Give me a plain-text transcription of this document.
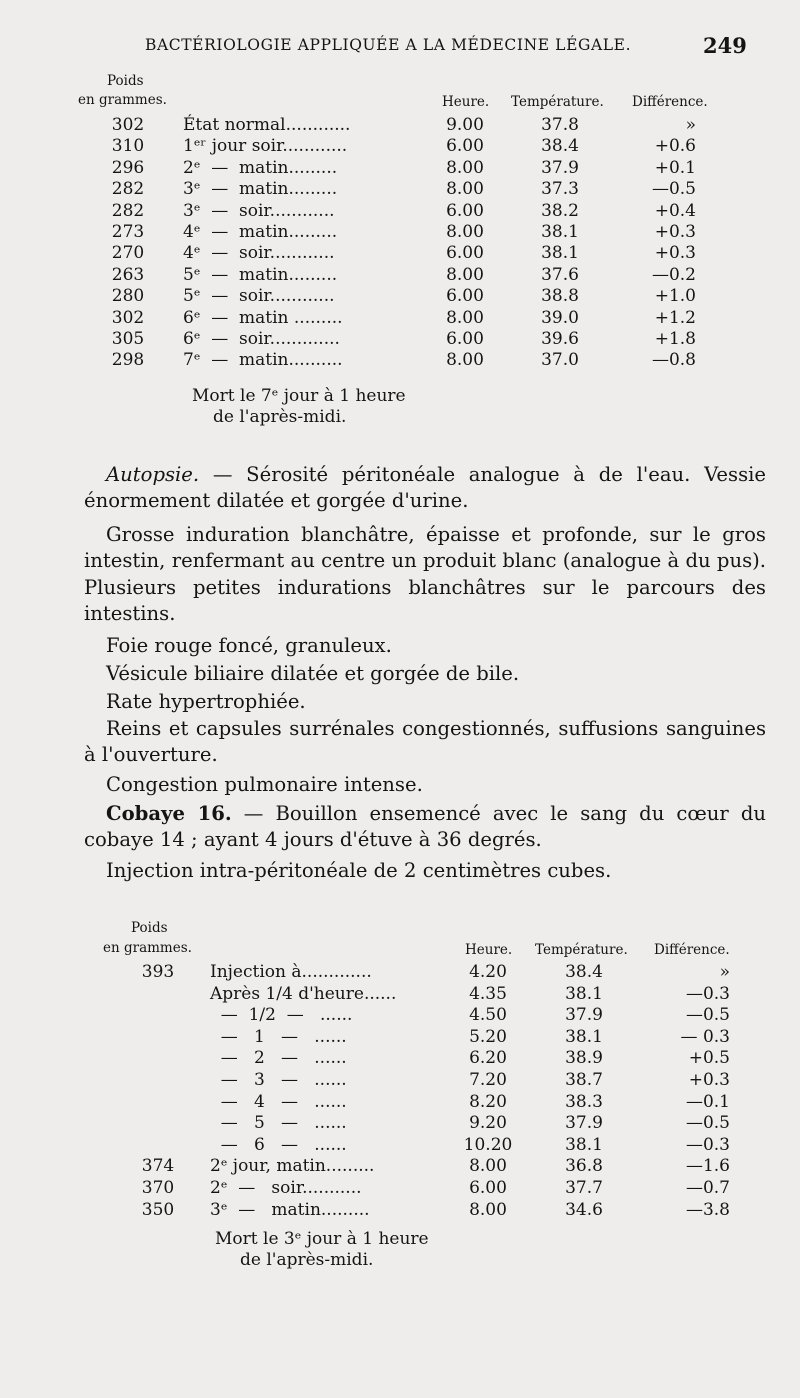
BACTÉRIOLOGIE APPLIQUÉE A LA MÉDECINE LÉGALE.	249
Poids
en grammes.	Heure. Température. Différence.
302	État normal............	9.00	37.8	»
310	1ᵉʳ jour soir............	6.00	38.4	+0.6
296	2ᵉ  —  matin.........	8.00	37.9	+0.1
282	3ᵉ  —  matin.........	8.00	37.3	—0.5
282	3ᵉ  —  soir............	6.00	38.2	+0.4
273	4ᵉ  —  matin.........	8.00	38.1	+0.3
270	4ᵉ  —  soir............	6.00	38.1	+0.3
263	5ᵉ  —  matin.........	8.00	37.6	—0.2
280	5ᵉ  —  soir............	6.00	38.8	+1.0
302	6ᵉ  —  matin .........	8.00	39.0	+1.2
305	6ᵉ  —  soir.............	6.00	39.6	+1.8
298	7ᵉ  —  matin..........	8.00	37.0	—0.8
Mort le 7ᵉ jour à 1 heure
de l'après-midi.
Autopsie. — Sérosité péritonéale analogue à de l'eau. Vessie énormement dilatée et gorgée d'urine.
Grosse induration blanchâtre, épaisse et profonde, sur le gros intestin, renfermant au centre un produit blanc (analogue à du pus). Plusieurs petites indurations blanchâtres sur le parcours des intestins.
Foie rouge foncé, granuleux.
Vésicule biliaire dilatée et gorgée de bile.
Rate hypertrophiée.
Reins et capsules surrénales congestionnés, suffusions sanguines à l'ouverture.
Congestion pulmonaire intense.
Cobaye 16. — Bouillon ensemencé avec le sang du cœur du cobaye 14 ; ayant 4 jours d'étuve à 36 degrés.
Injection intra-péritonéale de 2 centimètres cubes.
Poids
en grammes.	Heure. Température. Différence.
393	Injection à.............	4.20	38.4	»
Après 1/4 d'heure......	4.35	38.1	—0.3
—  1/2  —   ......	4.50	37.9	—0.5
—   1   —   ......	5.20	38.1	— 0.3
—   2   —   ......	6.20	38.9	+0.5
—   3   —   ......	7.20	38.7	+0.3
—   4   —   ......	8.20	38.3	—0.1
—   5   —   ......	9.20	37.9	—0.5
—   6   —   ......	10.20	38.1	—0.3
374	2ᵉ jour, matin.........	8.00	36.8	—1.6
370	2ᵉ  —   soir...........	6.00	37.7	—0.7
350	3ᵉ  —   matin.........	8.00	34.6	—3.8
Mort le 3ᵉ jour à 1 heure
de l'après-midi.
